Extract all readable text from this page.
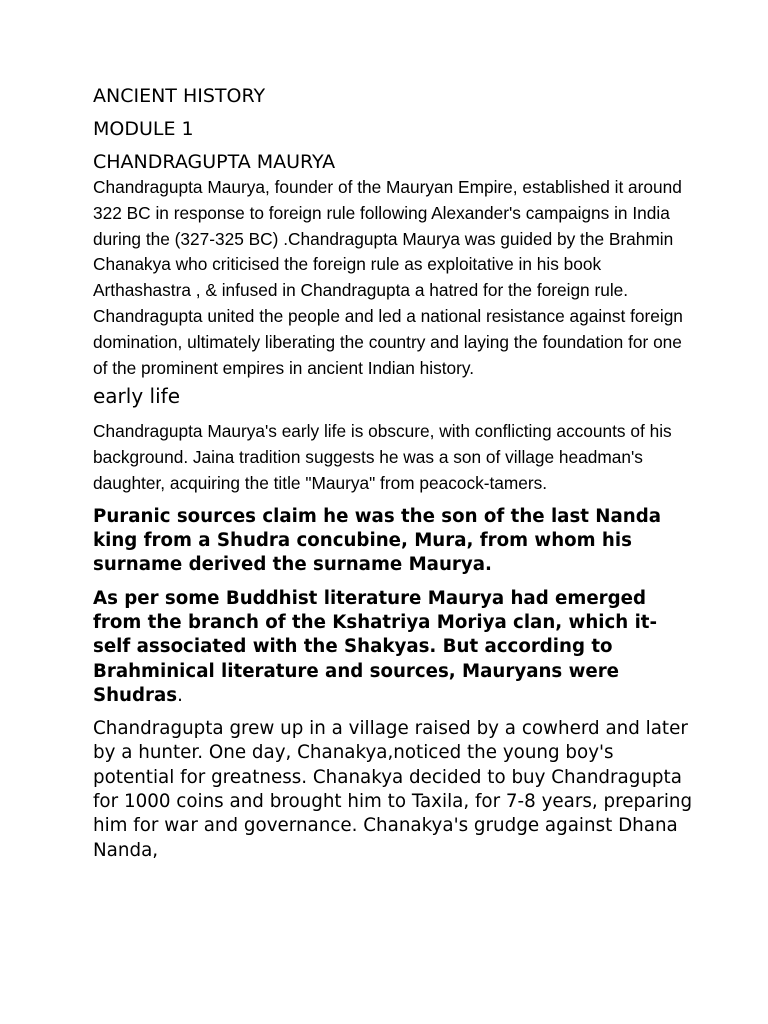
ANCIENT HISTORY

MODULE 1

CHANDRAGUPTA MAURYA

Chandragupta Maurya, founder of the Mauryan Empire, established it around 322 BC in response to foreign rule following Alexander's campaigns in India during the (327-325 BC) .Chandragupta Maurya was guided by the Brahmin Chanakya who criticised the foreign rule as exploitative in his book Arthashastra , & infused in Chandragupta a hatred for the foreign rule. Chandragupta united the people and led a national resistance against foreign domination, ultimately liberating the country and laying the foundation for one of the prominent empires in ancient Indian history.

early life

Chandragupta Maurya's early life is obscure, with conflicting accounts of his background. Jaina tradition suggests he was a son of village headman's daughter, acquiring the title "Maurya" from peacock-tamers.

Puranic sources claim he was the son of the last Nanda king from a Shudra concubine, Mura, from whom his surname derived the surname Maurya.

As per some Buddhist literature Maurya had emerged from the branch of the Kshatriya Moriya clan, which it- self associated with the Shakyas. But according to Brahminical literature and sources, Mauryans were Shudras.

Chandragupta grew up in a village raised by a cowherd and later by a hunter. One day, Chanakya,noticed the young boy's potential for greatness. Chanakya decided to buy Chandragupta for 1000 coins and brought him to Taxila, for 7-8 years, preparing him for war and governance. Chanakya's grudge against Dhana Nanda,
